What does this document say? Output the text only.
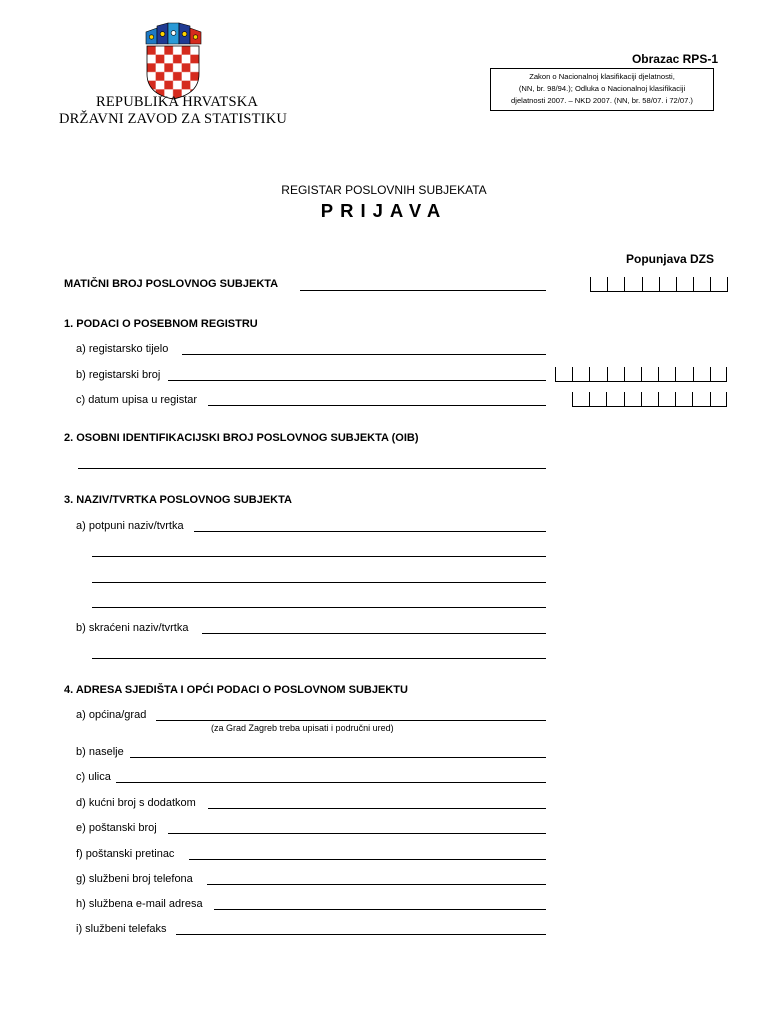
REPUBLIKA HRVATSKA
DRŽAVNI ZAVOD ZA STATISTIKU
Obrazac RPS-1
Zakon o Nacionalnoj klasifikaciji djelatnosti,
(NN, br. 98/94.); Odluka o Nacionalnoj klasifikaciji
djelatnosti 2007. – NKD 2007. (NN, br. 58/07. i 72/07.)
REGISTAR POSLOVNIH SUBJEKATA
PRIJAVA
Popunjava DZS
MATIČNI BROJ POSLOVNOG SUBJEKTA
1. PODACI O POSEBNOM REGISTRU
a) registarsko tijelo
b) registarski broj
c) datum upisa u registar
2. OSOBNI IDENTIFIKACIJSKI BROJ POSLOVNOG SUBJEKTA (OIB)
3. NAZIV/TVRTKA POSLOVNOG SUBJEKTA
a) potpuni naziv/tvrtka
b) skraćeni naziv/tvrtka
4. ADRESA SJEDIŠTA I OPĆI PODACI O POSLOVNOM SUBJEKTU
a) općina/grad
(za Grad Zagreb treba upisati i područni ured)
b) naselje
c) ulica
d) kućni broj s dodatkom
e) poštanski broj
f) poštanski pretinac
g) službeni broj telefona
h) službena e-mail adresa
i) službeni telefaks
